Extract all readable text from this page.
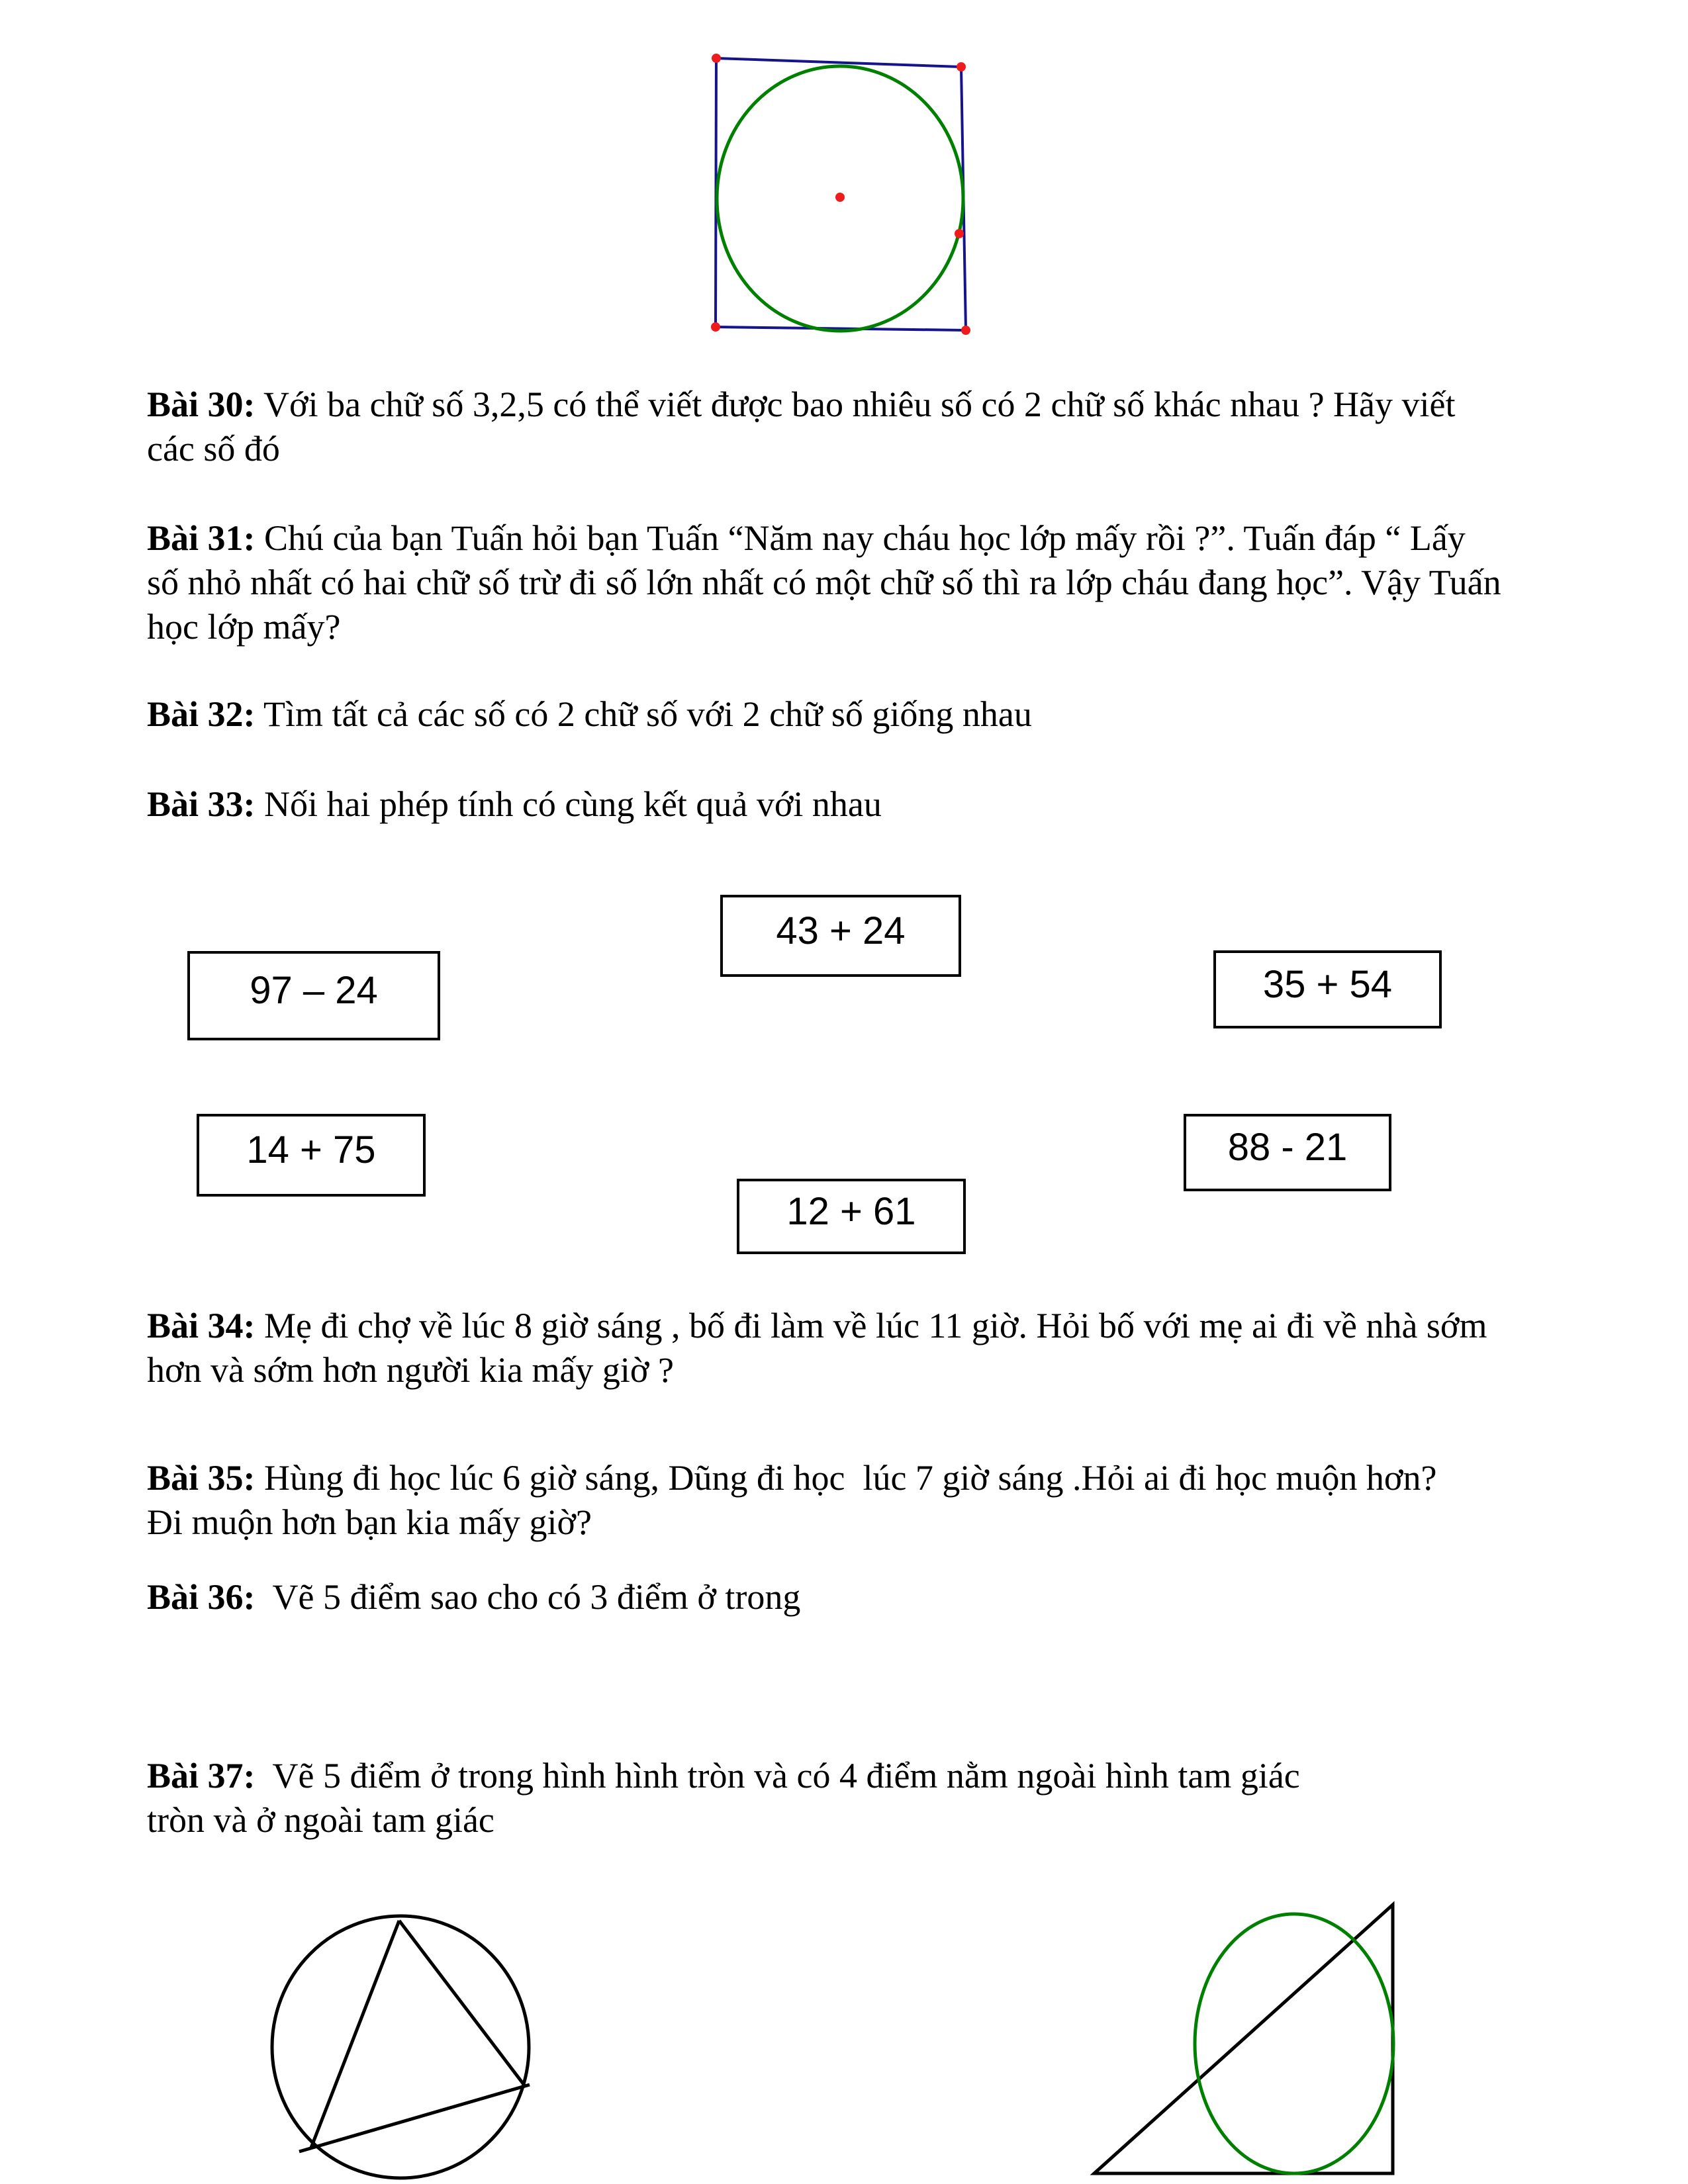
Bài 30: Với ba chữ số 3,2,5 có thể viết được bao nhiêu số có 2 chữ số khác nhau ? Hãy viết
các số đó
Bài 31: Chú của bạn Tuấn hỏi bạn Tuấn “Năm nay cháu học lớp mấy rồi ?”. Tuấn đáp “ Lấy
số nhỏ nhất có hai chữ số trừ đi số lớn nhất có một chữ số thì ra lớp cháu đang học”. Vậy Tuấn
học lớp mấy?
Bài 32: Tìm tất cả các số có 2 chữ số với 2 chữ số giống nhau
Bài 33: Nối hai phép tính có cùng kết quả với nhau
Bài 34: Mẹ đi chợ về lúc 8 giờ sáng , bố đi làm về lúc 11 giờ. Hỏi bố với mẹ ai đi về nhà sớm
hơn và sớm hơn người kia mấy giờ ?
Bài 35: Hùng đi học lúc 6 giờ sáng, Dũng đi học  lúc 7 giờ sáng .Hỏi ai đi học muộn hơn?
Đi muộn hơn bạn kia mấy giờ?
Bài 36:  Vẽ 5 điểm sao cho có 3 điểm ở trong
Bài 37:  Vẽ 5 điểm ở trong hình hình tròn và có 4 điểm nằm ngoài hình tam giác
tròn và ở ngoài tam giác
43 + 24
97 – 24	35 + 54
14 + 75	88 - 21
12 + 61
